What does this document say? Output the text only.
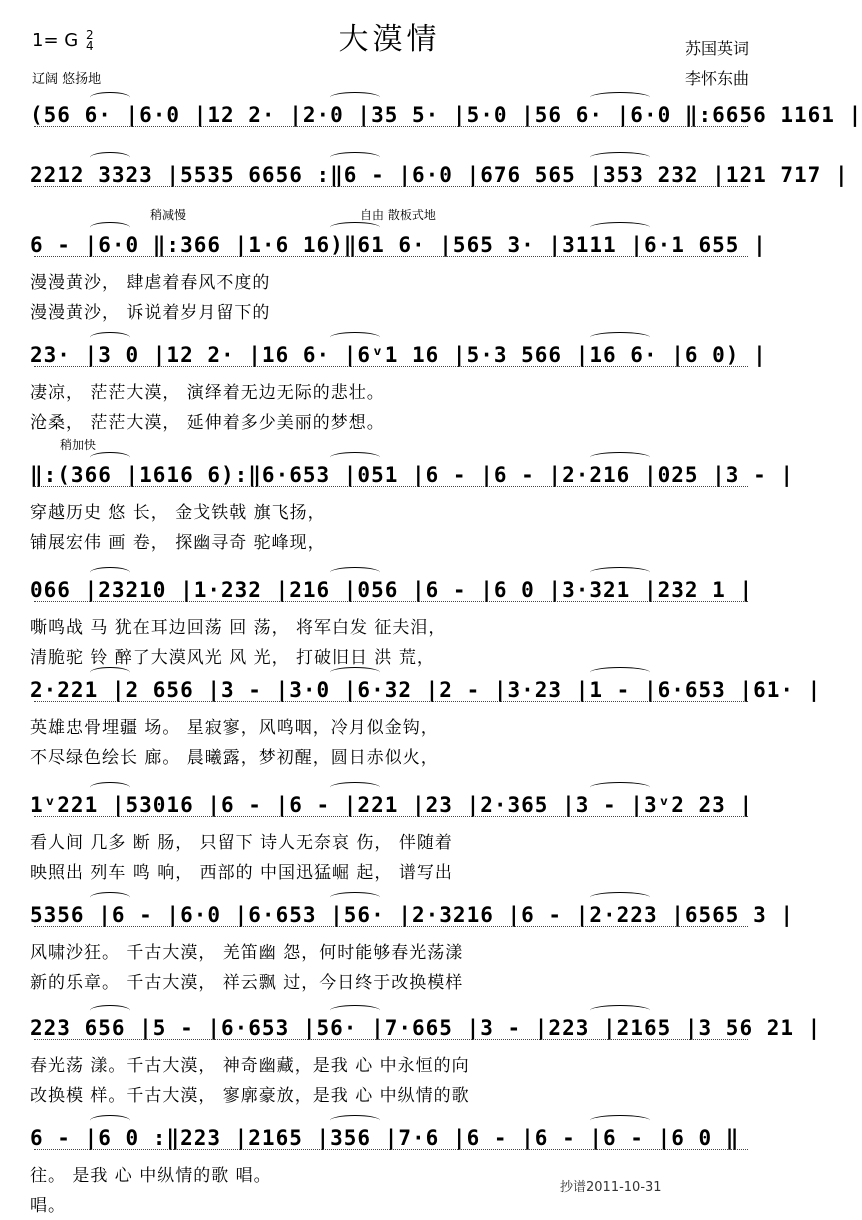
大漠情
1= G 2
4
辽阔 悠扬地
苏国英词
李怀东曲
(56 6· |6·0 |12 2· |2·0 |35 5· |5·0 |56 6· |6·0 ‖:6656 1161 |
2212 3323 |5535 6656 :‖6 - |6·0 |676 565 |353 232 |121 717 |
稍减慢	自由 散板式地
6 - |6·0 ‖:366 |1·6 16)‖61 6· |565 3· |3111 |6·1 655 |
漫漫黄沙， 肆虐着春风不度的
漫漫黄沙， 诉说着岁月留下的
23· |3 0 |12 2· |16 6· |6ᵛ1 16 |5·3 566 |16 6· |6 0) |
凄凉， 茫茫大漠， 演绎着无边无际的悲壮。
沧桑， 茫茫大漠， 延伸着多少美丽的梦想。
稍加快
‖:(366 |1616 6):‖6·653 |051 |6 - |6 - |2·216 |025 |3 - |
穿越历史 悠 长， 金戈铁戟 旗飞扬，
铺展宏伟 画 卷， 探幽寻奇 驼峰现，
066 |23210 |1·232 |216 |056 |6 - |6 0 |3·321 |232 1 |
嘶鸣战 马 犹在耳边回荡 回 荡， 将军白发 征夫泪，
清脆驼 铃 醉了大漠风光 风 光， 打破旧日 洪 荒，
2·221 |2 656 |3 - |3·0 |6·32 |2 - |3·23 |1 - |6·653 |61· |
英雄忠骨埋疆 场。 星寂寥，风鸣咽，冷月似金钩，
不尽绿色绘长 廊。 晨曦露，梦初醒，圆日赤似火，
1ᵛ221 |53016 |6 - |6 - |221 |23 |2·365 |3 - |3ᵛ2 23 |
看人间 几多 断 肠， 只留下 诗人无奈哀 伤， 伴随着
映照出 列车 鸣 响， 西部的 中国迅猛崛 起， 谱写出
5356 |6 - |6·0 |6·653 |56· |2·3216 |6 - |2·223 |6565 3 |
风啸沙狂。 千古大漠， 羌笛幽 怨，何时能够春光荡漾
新的乐章。 千古大漠， 祥云飘 过，今日终于改换模样
223 656 |5 - |6·653 |56· |7·665 |3 - |223 |2165 |3 56 21 |
春光荡 漾。千古大漠， 神奇幽藏，是我 心 中永恒的向
改换模 样。千古大漠， 寥廓豪放，是我 心 中纵情的歌
6 - |6 0 :‖223 |2165 |356 |7·6 |6 - |6 - |6 - |6 0 ‖
往。 是我 心 中纵情的歌 唱。
唱。
抄谱2011-10-31
